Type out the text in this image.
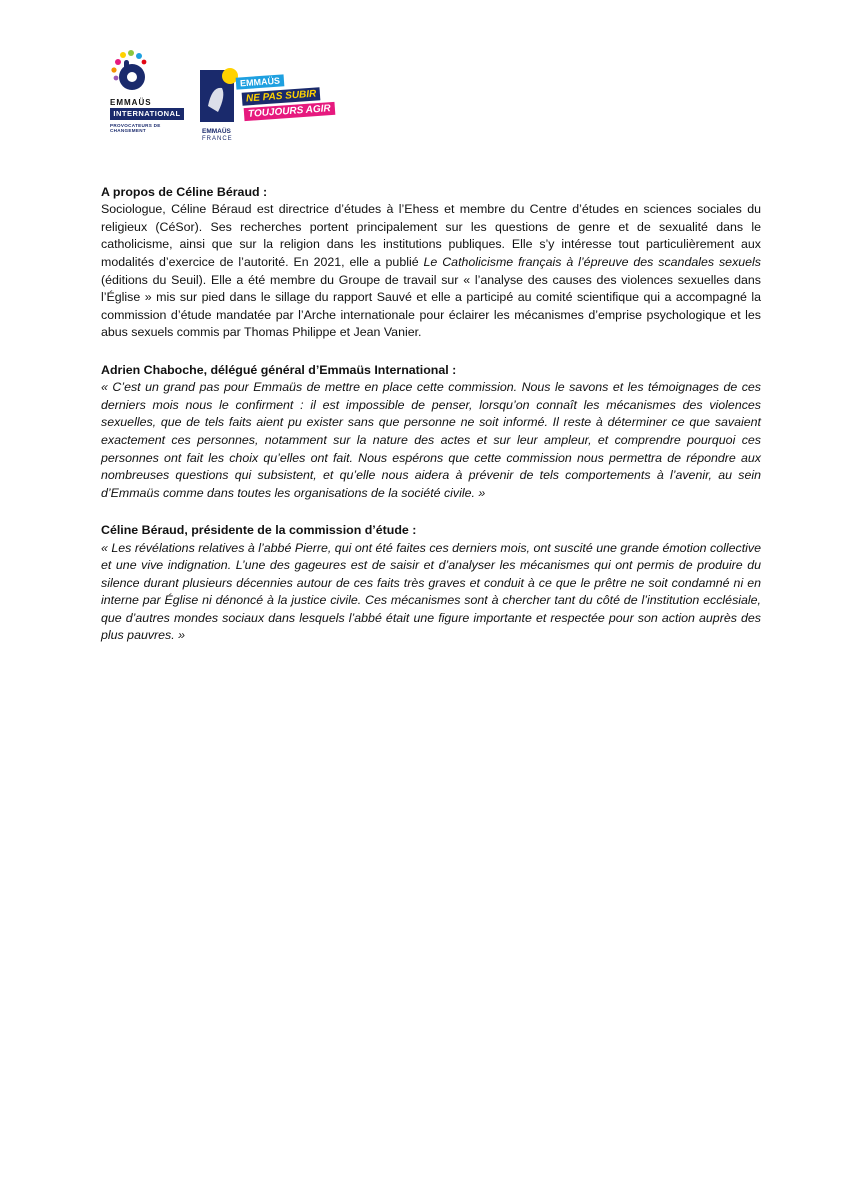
EMMAÜS
INTERNATIONAL
PROVOCATEURS DE CHANGEMENT	EMMAÜS
FRANCE
EMMAÜS
NE PAS SUBIR
TOUJOURS AGIR

A propos de Céline Béraud :

Sociologue, Céline Béraud est directrice d’études à l’Ehess et membre du Centre d’études en sciences sociales du religieux (CéSor). Ses recherches portent principalement sur les questions de genre et de sexualité dans le catholicisme, ainsi que sur la religion dans les institutions publiques. Elle s’y intéresse tout particulièrement aux modalités d’exercice de l’autorité. En 2021, elle a publié Le Catholicisme français à l’épreuve des scandales sexuels (éditions du Seuil). Elle a été membre du Groupe de travail sur « l’analyse des causes des violences sexuelles dans l’Église » mis sur pied dans le sillage du rapport Sauvé et elle a participé au comité scientifique qui a accompagné la commission d’étude mandatée par l’Arche internationale pour éclairer les mécanismes d’emprise psychologique et les abus sexuels commis par Thomas Philippe et Jean Vanier.

Adrien Chaboche, délégué général d’Emmaüs International :

« C’est un grand pas pour Emmaüs de mettre en place cette commission. Nous le savons et les témoignages de ces derniers mois nous le confirment : il est impossible de penser, lorsqu’on connaît les mécanismes des violences sexuelles, que de tels faits aient pu exister sans que personne ne soit informé. Il reste à déterminer ce que savaient exactement ces personnes, notamment sur la nature des actes et sur leur ampleur, et comprendre pourquoi ces personnes ont fait les choix qu’elles ont fait. Nous espérons que cette commission nous permettra de répondre aux nombreuses questions qui subsistent, et qu’elle nous aidera à prévenir de tels comportements à l’avenir, au sein d’Emmaüs comme dans toutes les organisations de la société civile. »

Céline Béraud, présidente de la commission d’étude :

« Les révélations relatives à l’abbé Pierre, qui ont été faites ces derniers mois, ont suscité une grande émotion collective et une vive indignation. L’une des gageures est de saisir et d’analyser les mécanismes qui ont permis de produire du silence durant plusieurs décennies autour de ces faits très graves et conduit à ce que le prêtre ne soit condamné ni en interne par Église ni dénoncé à la justice civile. Ces mécanismes sont à chercher tant du côté de l’institution ecclésiale, que d’autres mondes sociaux dans lesquels l’abbé était une figure importante et respectée pour son action auprès des plus pauvres. »
